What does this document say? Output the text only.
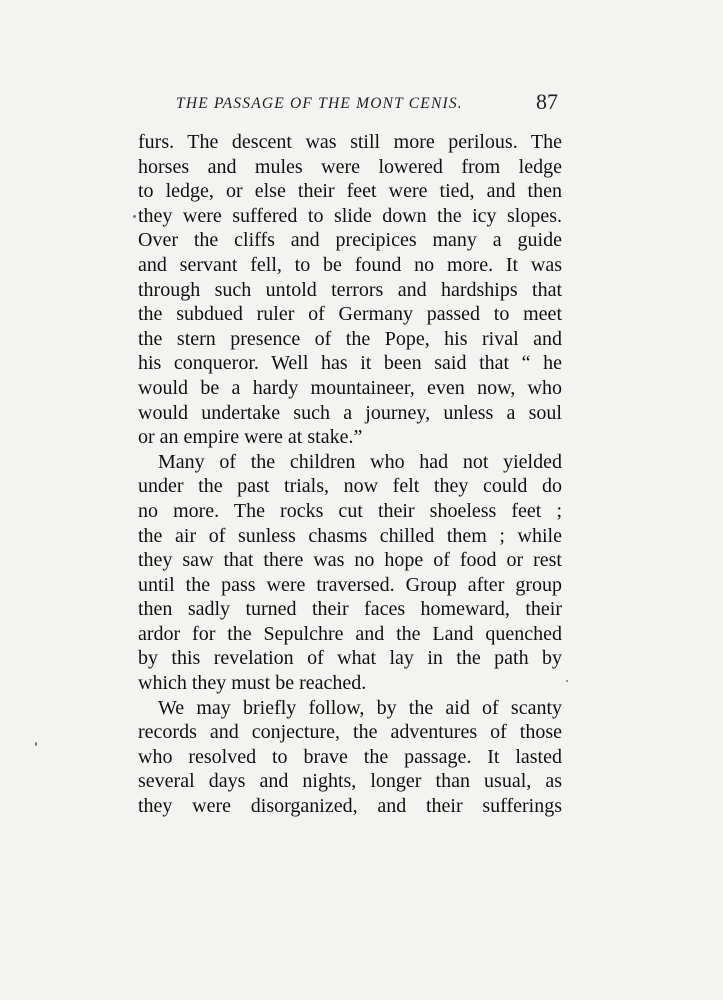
THE PASSAGE OF THE MONT CENIS.	87
furs. The descent was still more perilous. The
horses and mules were lowered from ledge
to ledge, or else their feet were tied, and then
they were suffered to slide down the icy slopes.
Over the cliffs and precipices many a guide
and servant fell, to be found no more. It was
through such untold terrors and hardships that
the subdued ruler of Germany passed to meet
the stern presence of the Pope, his rival and
his conqueror. Well has it been said that “ he
would be a hardy mountaineer, even now, who
would undertake such a journey, unless a soul
or an empire were at stake.”
Many of the children who had not yielded
under the past trials, now felt they could do
no more. The rocks cut their shoeless feet ;
the air of sunless chasms chilled them ; while
they saw that there was no hope of food or rest
until the pass were traversed. Group after group
then sadly turned their faces homeward, their
ardor for the Sepulchre and the Land quenched
by this revelation of what lay in the path by
which they must be reached.
We may briefly follow, by the aid of scanty
records and conjecture, the adventures of those
who resolved to brave the passage. It lasted
several days and nights, longer than usual, as
they were disorganized, and their sufferings
